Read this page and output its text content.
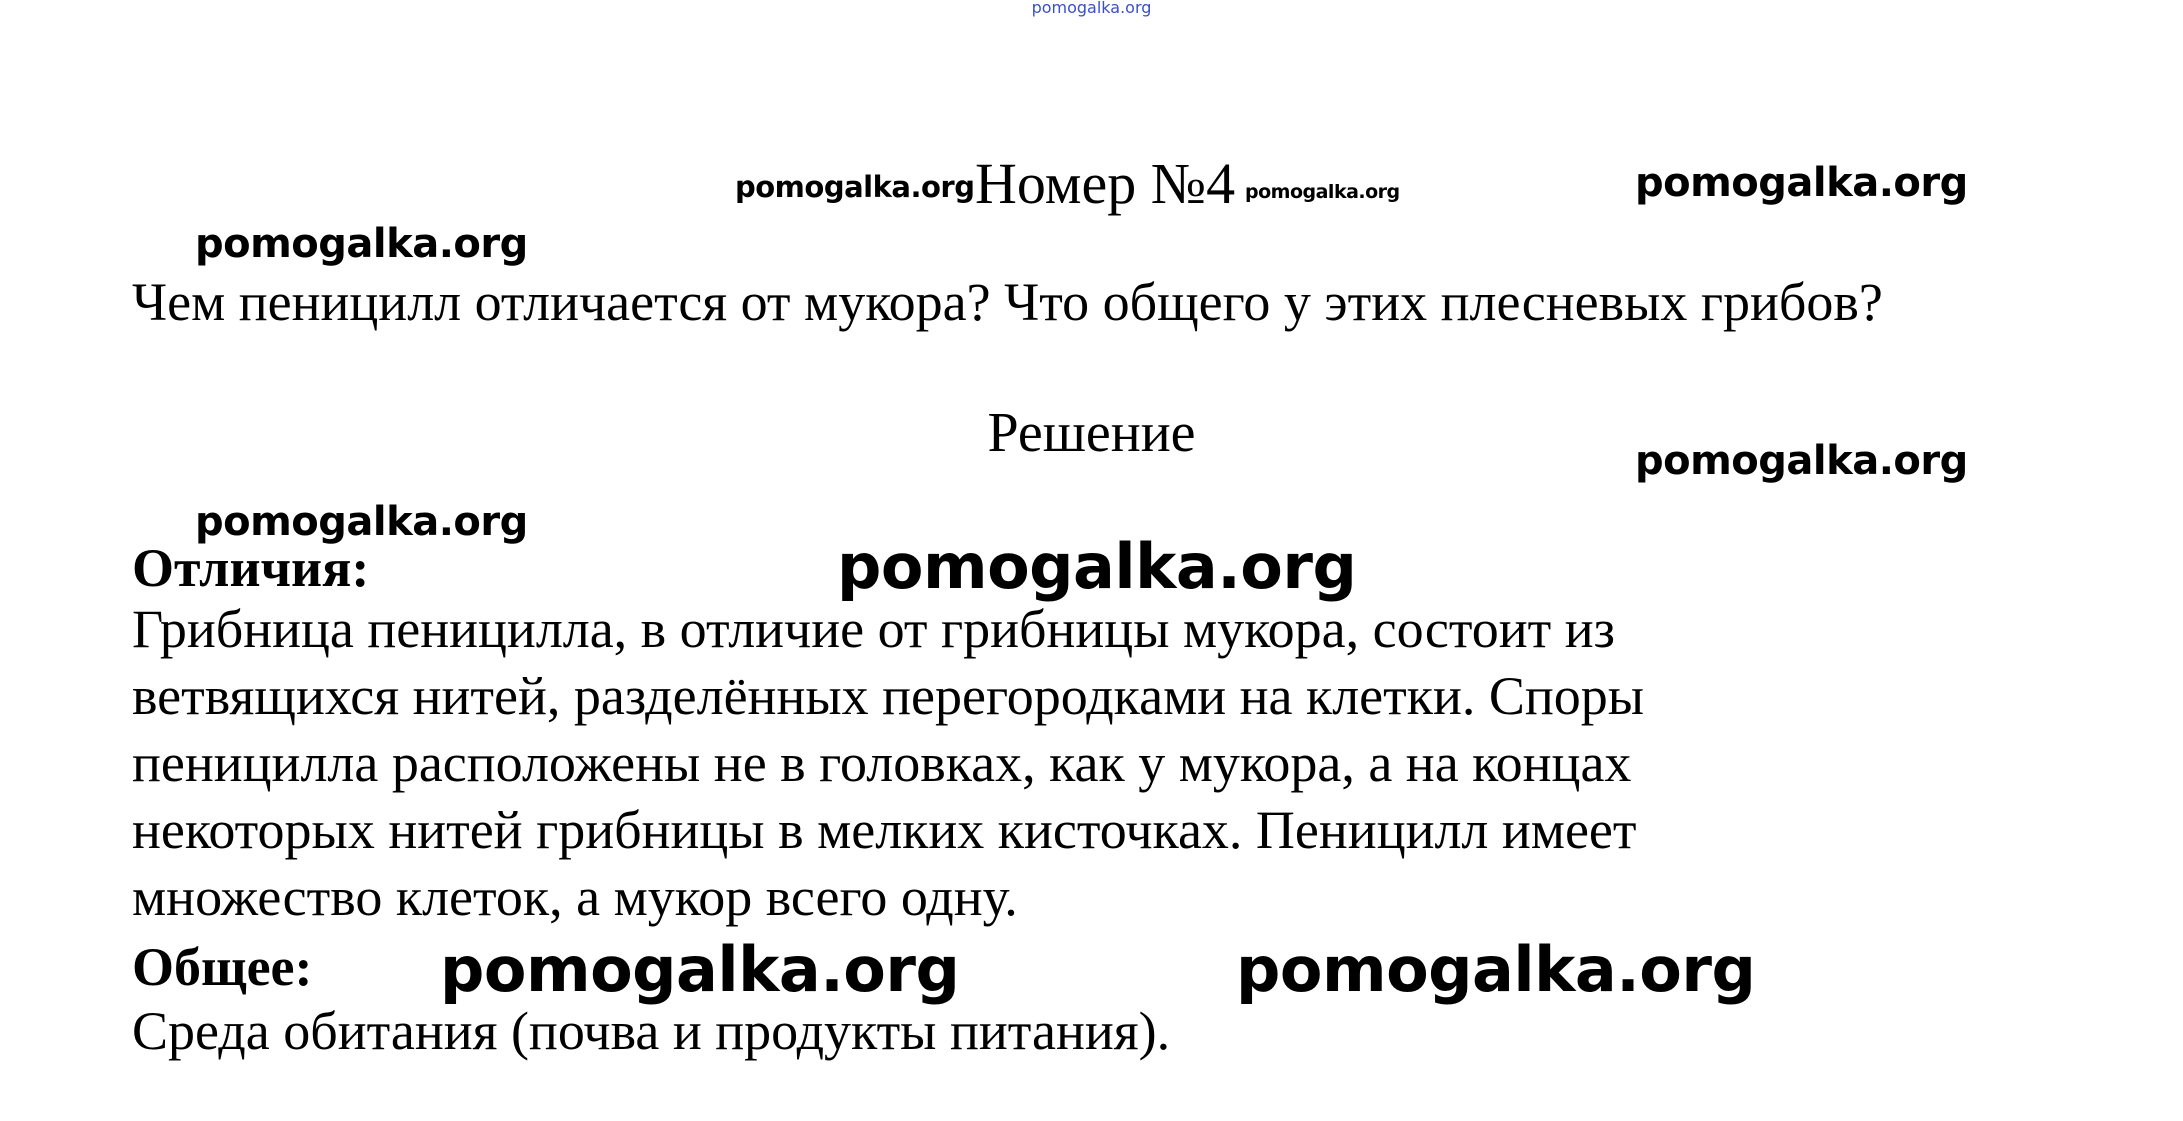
pomogalka.org
Номер №4
Чем пеницилл отличается от мукора? Что общего у этих плесневых грибов?
Решение
Отличия:
Грибница пеницилла, в отличие от грибницы мукора, состоит из
ветвящихся нитей, разделённых перегородками на клетки. Споры
пеницилла расположены не в головках, как у мукора, а на концах
некоторых нитей грибницы в мелких кисточках. Пеницилл имеет
множество клеток, а мукор всего одну.
Общее:
Среда обитания (почва и продукты питания).
pomogalka.org	pomogalka.org	pomogalka.org
pomogalka.org
pomogalka.org
pomogalka.org
pomogalka.org
pomogalka.org	pomogalka.org
